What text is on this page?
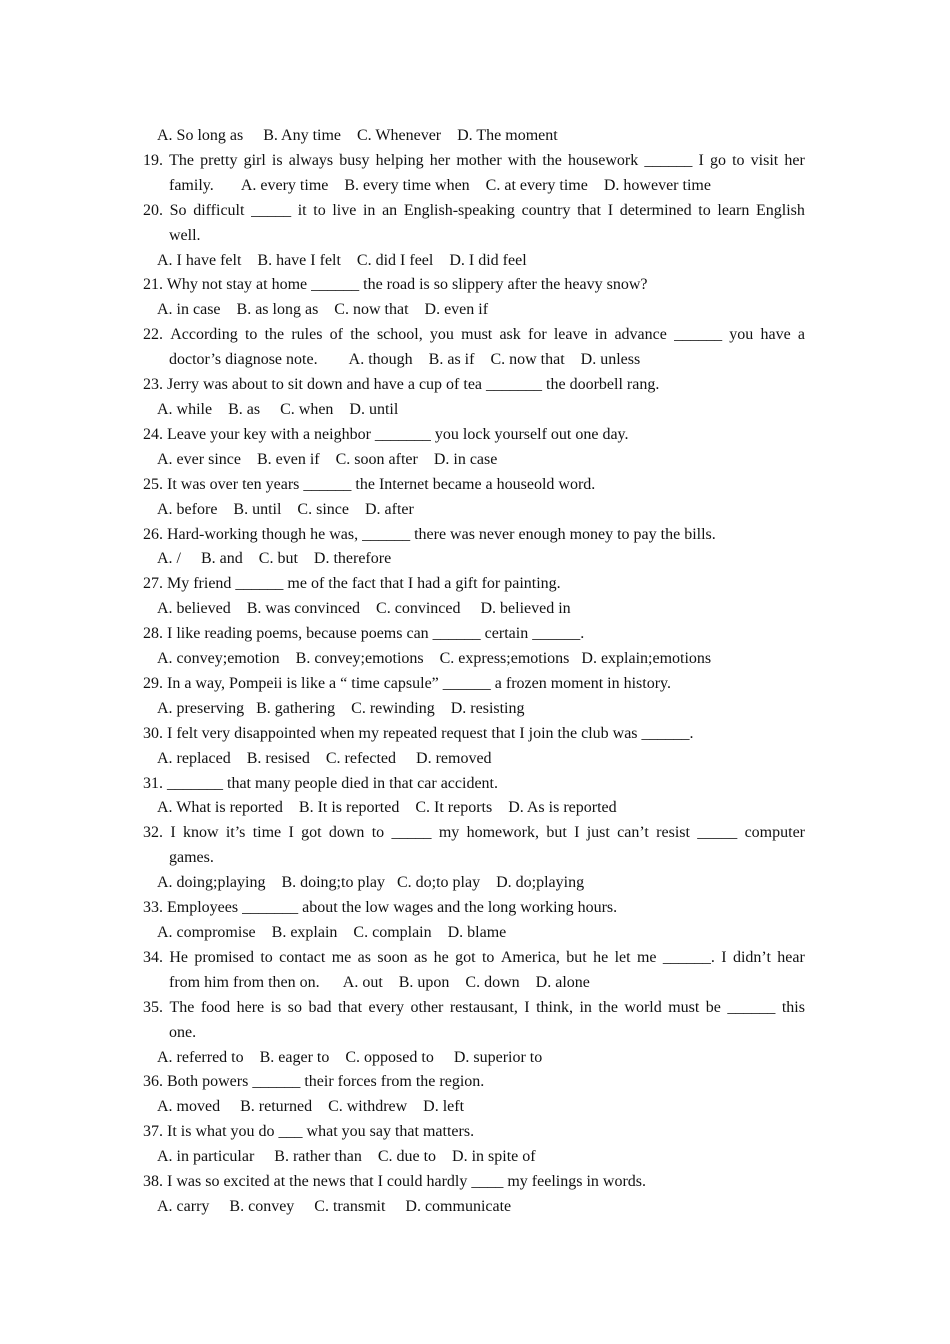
A. So long as     B. Any time    C. Whenever    D. The moment
19. The pretty girl is always busy helping her mother with the housework ______ I go to visit her
family.       A. every time    B. every time when    C. at every time    D. however time
20. So difficult _____ it to live in an English-speaking country that I determined to learn English
well.
A. I have felt    B. have I felt    C. did I feel    D. I did feel
21. Why not stay at home ______ the road is so slippery after the heavy snow?
A. in case    B. as long as    C. now that    D. even if
22. According to the rules of the school, you must ask for leave in advance ______ you have a
doctor’s diagnose note.        A. though    B. as if    C. now that    D. unless
23. Jerry was about to sit down and have a cup of tea _______ the doorbell rang.
A. while    B. as     C. when    D. until
24. Leave your key with a neighbor _______ you lock yourself out one day.
A. ever since    B. even if    C. soon after    D. in case
25. It was over ten years ______ the Internet became a houseold word.
A. before    B. until    C. since    D. after
26. Hard-working though he was, ______ there was never enough money to pay the bills.
A. /     B. and    C. but    D. therefore
27. My friend ______ me of the fact that I had a gift for painting.
A. believed    B. was convinced    C. convinced     D. believed in
28. I like reading poems, because poems can ______ certain ______.
A. convey;emotion    B. convey;emotions    C. express;emotions   D. explain;emotions
29. In a way, Pompeii is like a “ time capsule” ______ a frozen moment in history.
A. preserving   B. gathering    C. rewinding    D. resisting
30. I felt very disappointed when my repeated request that I join the club was ______.
A. replaced    B. resised    C. refected     D. removed
31. _______ that many people died in that car accident.
A. What is reported    B. It is reported    C. It reports    D. As is reported
32. I know it’s time I got down to _____ my homework, but I just can’t resist _____ computer
games.
A. doing;playing    B. doing;to play   C. do;to play    D. do;playing
33. Employees _______ about the low wages and the long working hours.
A. compromise    B. explain    C. complain    D. blame
34. He promised to contact me as soon as he got to America, but he let me ______. I didn’t hear
from him from then on.      A. out    B. upon    C. down    D. alone
35. The food here is so bad that every other restausant, I think, in the world must be ______ this
one.
A. referred to    B. eager to    C. opposed to     D. superior to
36. Both powers ______ their forces from the region.
A. moved     B. returned    C. withdrew    D. left
37. It is what you do ___ what you say that matters.
A. in particular     B. rather than    C. due to    D. in spite of
38. I was so excited at the news that I could hardly ____ my feelings in words.
A. carry     B. convey     C. transmit     D. communicate
